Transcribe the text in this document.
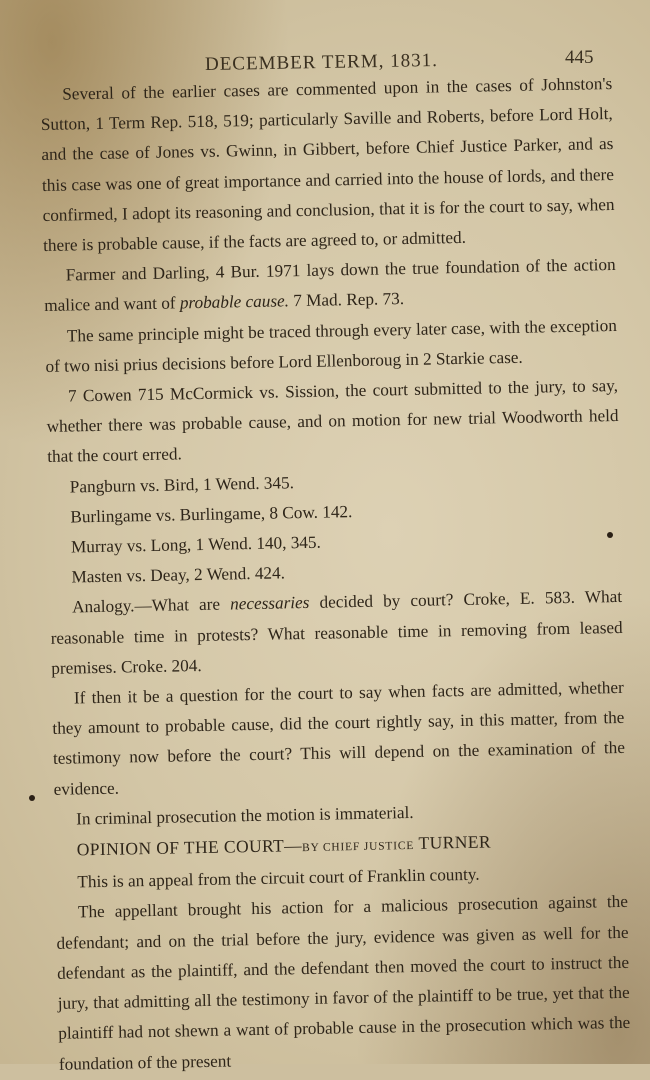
DECEMBER TERM, 1831.	445

Several of the earlier cases are commented upon in the cases of Johnston's Sutton, 1 Term Rep. 518, 519; particularly Saville and Roberts, before Lord Holt, and the case of Jones vs. Gwinn, in Gibbert, before Chief Justice Parker, and as this case was one of great importance and carried into the house of lords, and there confirmed, I adopt its reasoning and conclusion, that it is for the court to say, when there is probable cause, if the facts are agreed to, or admitted.

Farmer and Darling, 4 Bur. 1971 lays down the true foundation of the action malice and want of probable cause. 7 Mad. Rep. 73.

The same principle might be traced through every later case, with the exception of two nisi prius decisions before Lord Ellenboroug in 2 Starkie case.

7 Cowen 715 McCormick vs. Sission, the court submitted to the jury, to say, whether there was probable cause, and on motion for new trial Woodworth held that the court erred.

Pangburn vs. Bird, 1 Wend. 345.

Burlingame vs. Burlingame, 8 Cow. 142.

Murray vs. Long, 1 Wend. 140, 345.

Masten vs. Deay, 2 Wend. 424.

Analogy.—What are necessaries decided by court? Croke, E. 583. What reasonable time in protests? What reasonable time in removing from leased premises. Croke. 204.

If then it be a question for the court to say when facts are admitted, whether they amount to probable cause, did the court rightly say, in this matter, from the testimony now before the court? This will depend on the examination of the evidence.

In criminal prosecution the motion is immaterial.

OPINION OF THE COURT—BY CHIEF JUSTICE TURNER

This is an appeal from the circuit court of Franklin county.

The appellant brought his action for a malicious prosecution against the defendant; and on the trial before the jury, evidence was given as well for the defendant as the plaintiff, and the defendant then moved the court to instruct the jury, that admitting all the testimony in favor of the plaintiff to be true, yet that the plaintiff had not shewn a want of probable cause in the prosecution which was the foundation of the present
